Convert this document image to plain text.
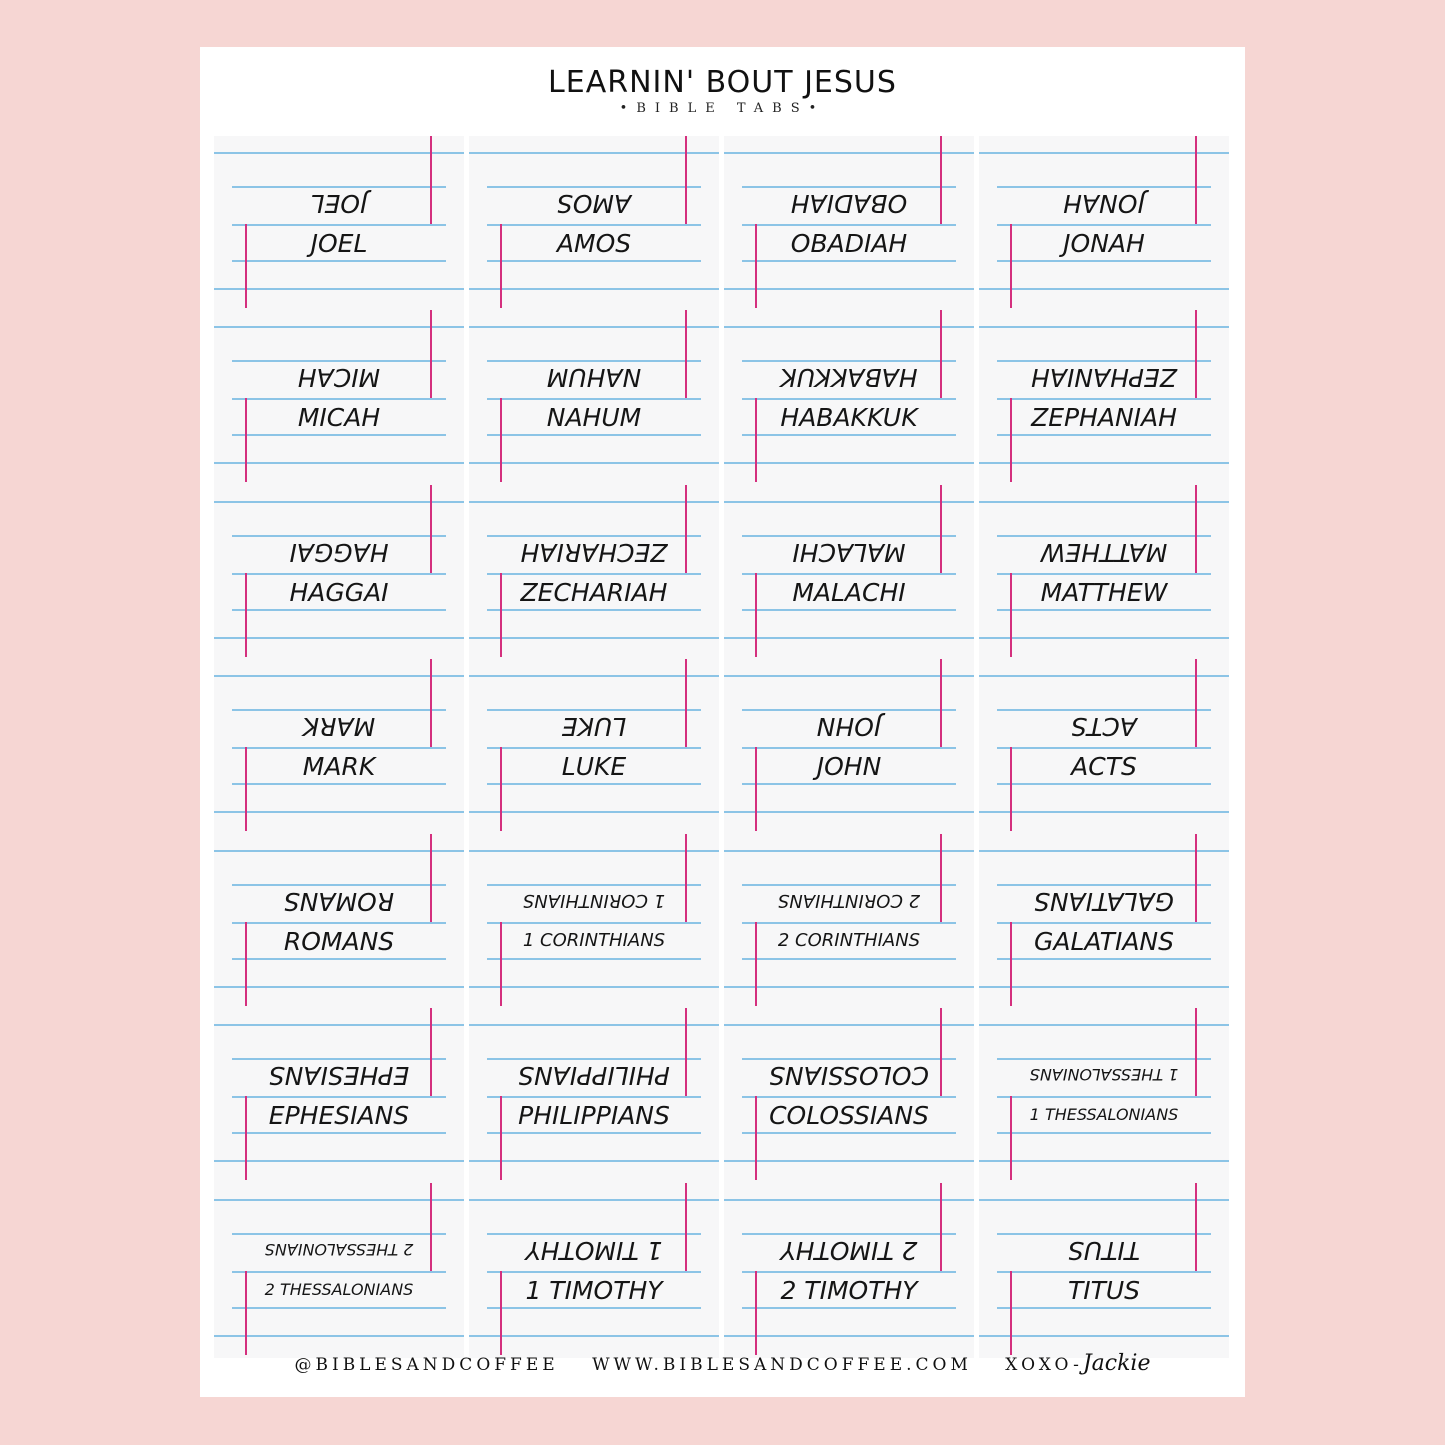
LEARNIN' BOUT JESUS
•BIBLE TABS•
JOEL
JOEL
AMOS
AMOS
OBADIAH
OBADIAH
JONAH
JONAH
MICAH
MICAH
NAHUM
NAHUM
HABAKKUK
HABAKKUK
ZEPHANIAH
ZEPHANIAH
HAGGAI
HAGGAI
ZECHARIAH
ZECHARIAH
MALACHI
MALACHI
MATTHEW
MATTHEW
MARK
MARK
LUKE
LUKE
JOHN
JOHN
ACTS
ACTS
ROMANS
ROMANS
1 CORINTHIANS
1 CORINTHIANS
2 CORINTHIANS
2 CORINTHIANS
GALATIANS
GALATIANS
EPHESIANS
EPHESIANS
PHILIPPIANS
PHILIPPIANS
COLOSSIANS
COLOSSIANS
1 THESSALONIANS
1 THESSALONIANS
2 THESSALONIANS
2 THESSALONIANS
1 TIMOTHY
1 TIMOTHY
2 TIMOTHY
2 TIMOTHY
TITUS
TITUS
@BIBLESANDCOFFEE WWW.BIBLESANDCOFFEE.COM XOXO-Jackie
